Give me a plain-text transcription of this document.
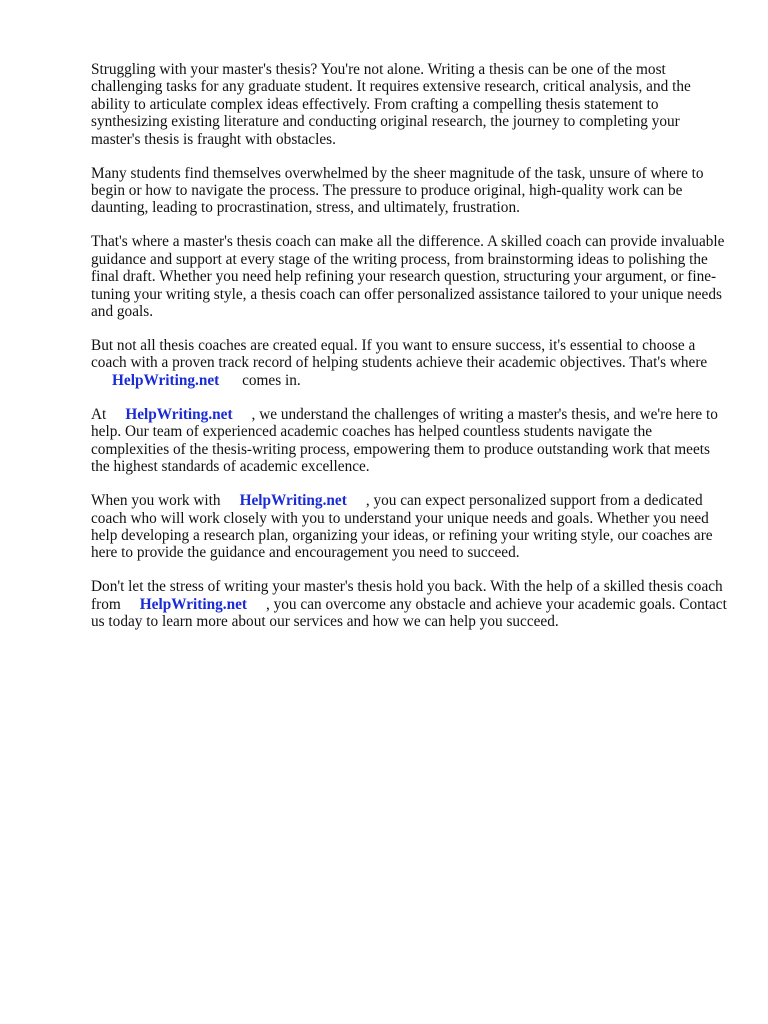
Struggling with your master's thesis? You're not alone. Writing a thesis can be one of the most challenging tasks for any graduate student. It requires extensive research, critical analysis, and the ability to articulate complex ideas effectively. From crafting a compelling thesis statement to synthesizing existing literature and conducting original research, the journey to completing your master's thesis is fraught with obstacles.

Many students find themselves overwhelmed by the sheer magnitude of the task, unsure of where to begin or how to navigate the process. The pressure to produce original, high-quality work can be daunting, leading to procrastination, stress, and ultimately, frustration.

That's where a master's thesis coach can make all the difference. A skilled coach can provide invaluable guidance and support at every stage of the writing process, from brainstorming ideas to polishing the final draft. Whether you need help refining your research question, structuring your argument, or fine-tuning your writing style, a thesis coach can offer personalized assistance tailored to your unique needs and goals.

But not all thesis coaches are created equal. If you want to ensure success, it's essential to choose a coach with a proven track record of helping students achieve their academic objectives. That's where HelpWriting.net comes in.

At HelpWriting.net , we understand the challenges of writing a master's thesis, and we're here to help. Our team of experienced academic coaches has helped countless students navigate the complexities of the thesis-writing process, empowering them to produce outstanding work that meets the highest standards of academic excellence.

When you work with HelpWriting.net , you can expect personalized support from a dedicated coach who will work closely with you to understand your unique needs and goals. Whether you need help developing a research plan, organizing your ideas, or refining your writing style, our coaches are here to provide the guidance and encouragement you need to succeed.

Don't let the stress of writing your master's thesis hold you back. With the help of a skilled thesis coach from HelpWriting.net , you can overcome any obstacle and achieve your academic goals. Contact us today to learn more about our services and how we can help you succeed.
